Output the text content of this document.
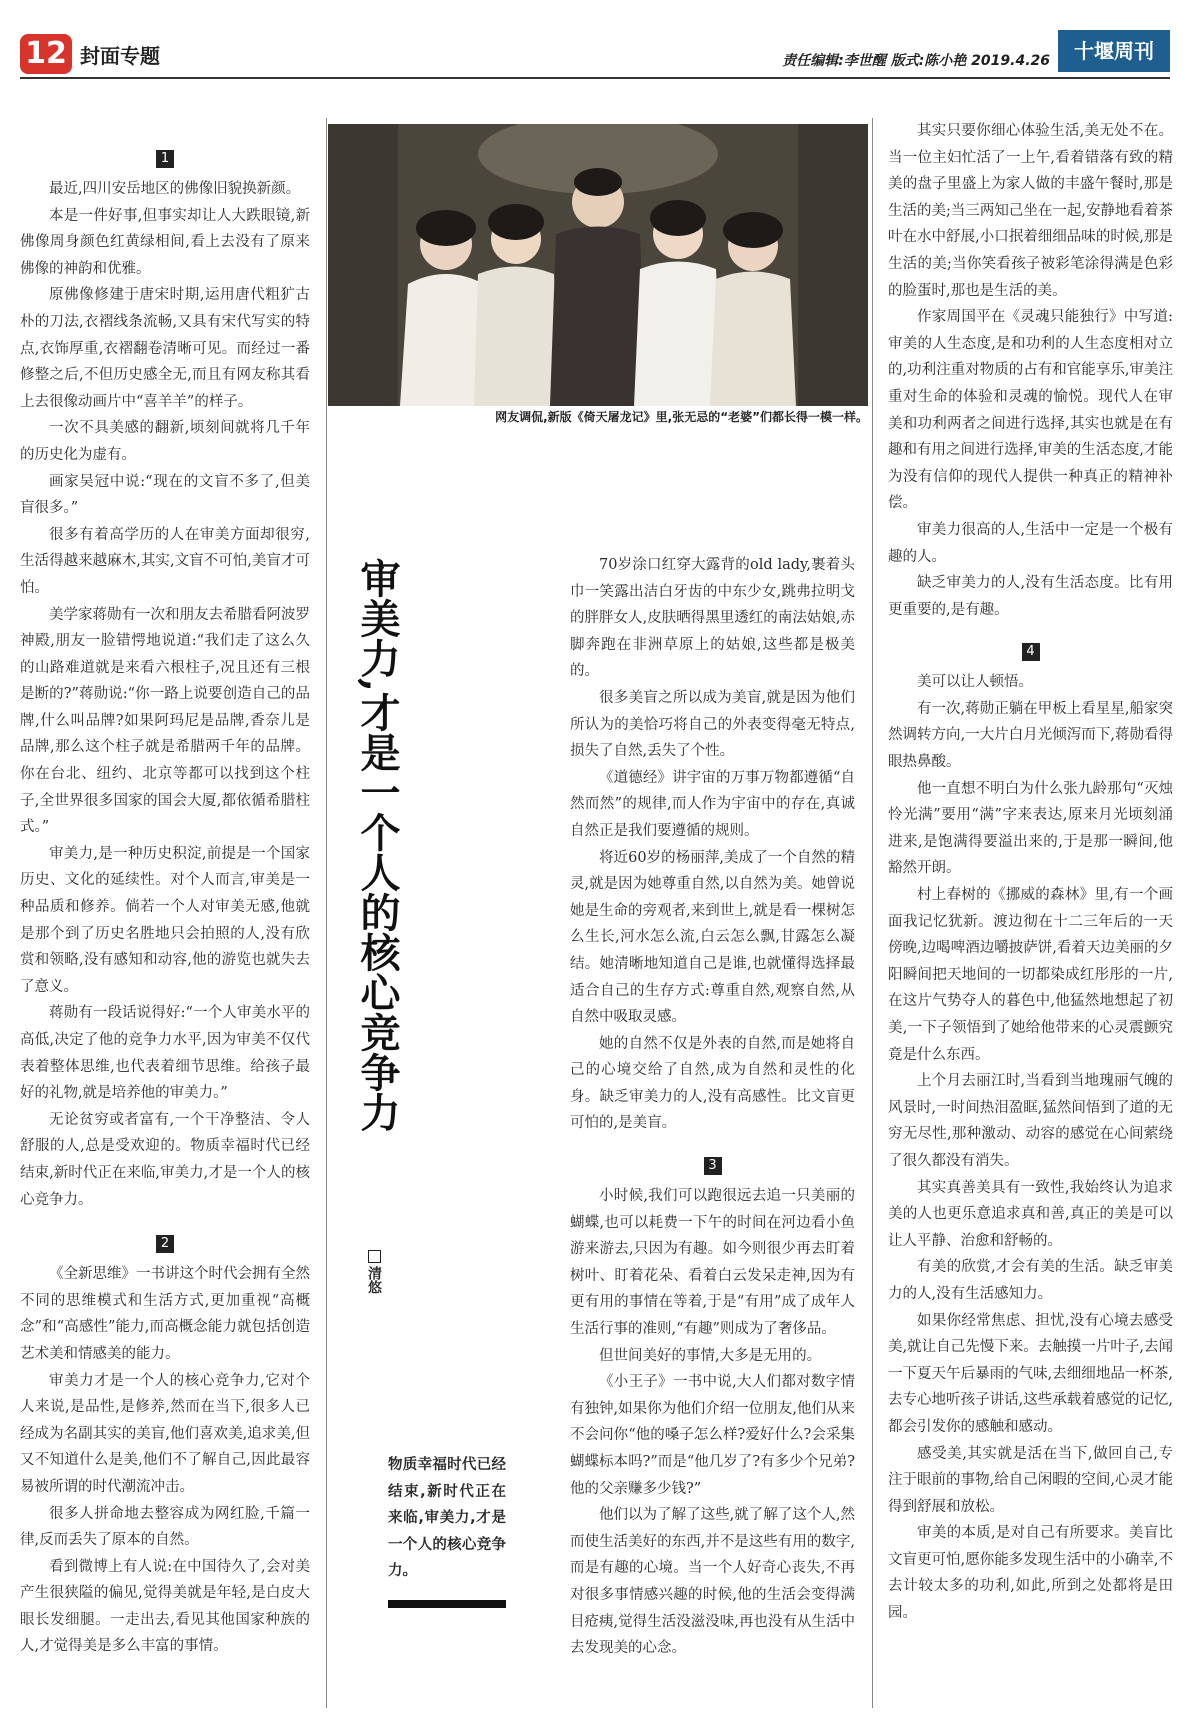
12 封面专题	责任编辑:李世醒 版式:陈小艳 2019.4.26	十堰周刊
1

最近,四川安岳地区的佛像旧貌换新颜。

本是一件好事,但事实却让人大跌眼镜,新佛像周身颜色红黄绿相间,看上去没有了原来佛像的神韵和优雅。

原佛像修建于唐宋时期,运用唐代粗犷古朴的刀法,衣褶线条流畅,又具有宋代写实的特点,衣饰厚重,衣褶翻卷清晰可见。而经过一番修整之后,不但历史感全无,而且有网友称其看上去很像动画片中“喜羊羊”的样子。

一次不具美感的翻新,顷刻间就将几千年的历史化为虚有。

画家吴冠中说:“现在的文盲不多了,但美盲很多。”

很多有着高学历的人在审美方面却很穷,生活得越来越麻木,其实,文盲不可怕,美盲才可怕。

美学家蒋勋有一次和朋友去希腊看阿波罗神殿,朋友一脸错愕地说道:“我们走了这么久的山路难道就是来看六根柱子,况且还有三根是断的?”蒋勋说:“你一路上说要创造自己的品牌,什么叫品牌?如果阿玛尼是品牌,香奈儿是品牌,那么这个柱子就是希腊两千年的品牌。你在台北、纽约、北京等都可以找到这个柱子,全世界很多国家的国会大厦,都依循希腊柱式。”

审美力,是一种历史积淀,前提是一个国家历史、文化的延续性。对个人而言,审美是一种品质和修养。倘若一个人对审美无感,他就是那个到了历史名胜地只会拍照的人,没有欣赏和领略,没有感知和动容,他的游览也就失去了意义。

蒋勋有一段话说得好:“一个人审美水平的高低,决定了他的竞争力水平,因为审美不仅代表着整体思维,也代表着细节思维。给孩子最好的礼物,就是培养他的审美力。”

无论贫穷或者富有,一个干净整洁、令人舒服的人,总是受欢迎的。物质幸福时代已经结束,新时代正在来临,审美力,才是一个人的核心竞争力。

2

《全新思维》一书讲这个时代会拥有全然不同的思维模式和生活方式,更加重视“高概念”和“高感性”能力,而高概念能力就包括创造艺术美和情感美的能力。

审美力才是一个人的核心竞争力,它对个人来说,是品性,是修养,然而在当下,很多人已经成为名副其实的美盲,他们喜欢美,追求美,但又不知道什么是美,他们不了解自己,因此最容易被所谓的时代潮流冲击。

很多人拼命地去整容成为网红脸,千篇一律,反而丢失了原本的自然。

看到微博上有人说:在中国待久了,会对美产生很狭隘的偏见,觉得美就是年轻,是白皮大眼长发细腿。一走出去,看见其他国家种族的人,才觉得美是多么丰富的事情。

网友调侃,新版《倚天屠龙记》里,张无忌的“老婆”们都长得一模一样。
审美力,才是一个人的核心竞争力
清悠
物质幸福时代已经结束,新时代正在来临,审美力,才是一个人的核心竞争力。

70岁涂口红穿大露背的old lady,裹着头巾一笑露出洁白牙齿的中东少女,跳弗拉明戈的胖胖女人,皮肤晒得黑里透红的南法姑娘,赤脚奔跑在非洲草原上的姑娘,这些都是极美的。

很多美盲之所以成为美盲,就是因为他们所认为的美恰巧将自己的外表变得毫无特点,损失了自然,丢失了个性。

《道德经》讲宇宙的万事万物都遵循“自然而然”的规律,而人作为宇宙中的存在,真诚自然正是我们要遵循的规则。

将近60岁的杨丽萍,美成了一个自然的精灵,就是因为她尊重自然,以自然为美。她曾说她是生命的旁观者,来到世上,就是看一棵树怎么生长,河水怎么流,白云怎么飘,甘露怎么凝结。她清晰地知道自己是谁,也就懂得选择最适合自己的生存方式:尊重自然,观察自然,从自然中吸取灵感。

她的自然不仅是外表的自然,而是她将自己的心境交给了自然,成为自然和灵性的化身。缺乏审美力的人,没有高感性。比文盲更可怕的,是美盲。

3

小时候,我们可以跑很远去追一只美丽的蝴蝶,也可以耗费一下午的时间在河边看小鱼游来游去,只因为有趣。如今则很少再去盯着树叶、盯着花朵、看着白云发呆走神,因为有更有用的事情在等着,于是“有用”成了成年人生活行事的准则,“有趣”则成为了奢侈品。

但世间美好的事情,大多是无用的。

《小王子》一书中说,大人们都对数字情有独钟,如果你为他们介绍一位朋友,他们从来不会问你“他的嗓子怎么样?爱好什么?会采集蝴蝶标本吗?”而是“他几岁了?有多少个兄弟?他的父亲赚多少钱?”

他们以为了解了这些,就了解了这个人,然而使生活美好的东西,并不是这些有用的数字,而是有趣的心境。当一个人好奇心丧失,不再对很多事情感兴趣的时候,他的生活会变得满目疮痍,觉得生活没滋没味,再也没有从生活中去发现美的心念。

其实只要你细心体验生活,美无处不在。当一位主妇忙活了一上午,看着错落有致的精美的盘子里盛上为家人做的丰盛午餐时,那是生活的美;当三两知己坐在一起,安静地看着茶叶在水中舒展,小口抿着细细品味的时候,那是生活的美;当你笑看孩子被彩笔涂得满是色彩的脸蛋时,那也是生活的美。

作家周国平在《灵魂只能独行》中写道:审美的人生态度,是和功利的人生态度相对立的,功利注重对物质的占有和官能享乐,审美注重对生命的体验和灵魂的愉悦。现代人在审美和功利两者之间进行选择,其实也就是在有趣和有用之间进行选择,审美的生活态度,才能为没有信仰的现代人提供一种真正的精神补偿。

审美力很高的人,生活中一定是一个极有趣的人。

缺乏审美力的人,没有生活态度。比有用更重要的,是有趣。

4

美可以让人顿悟。

有一次,蒋勋正躺在甲板上看星星,船家突然调转方向,一大片白月光倾泻而下,蒋勋看得眼热鼻酸。

他一直想不明白为什么张九龄那句“灭烛怜光满”要用“满”字来表达,原来月光顷刻涌进来,是饱满得要溢出来的,于是那一瞬间,他豁然开朗。

村上春树的《挪威的森林》里,有一个画面我记忆犹新。渡边彻在十二三年后的一天傍晚,边喝啤酒边嚼披萨饼,看着天边美丽的夕阳瞬间把天地间的一切都染成红彤彤的一片,在这片气势夺人的暮色中,他猛然地想起了初美,一下子领悟到了她给他带来的心灵震颤究竟是什么东西。

上个月去丽江时,当看到当地瑰丽气魄的风景时,一时间热泪盈眶,猛然间悟到了道的无穷无尽性,那种激动、动容的感觉在心间萦绕了很久都没有消失。

其实真善美具有一致性,我始终认为追求美的人也更乐意追求真和善,真正的美是可以让人平静、治愈和舒畅的。

有美的欣赏,才会有美的生活。缺乏审美力的人,没有生活感知力。

如果你经常焦虑、担忧,没有心境去感受美,就让自己先慢下来。去触摸一片叶子,去闻一下夏天午后暴雨的气味,去细细地品一杯茶,去专心地听孩子讲话,这些承载着感觉的记忆,都会引发你的感触和感动。

感受美,其实就是活在当下,做回自己,专注于眼前的事物,给自己闲暇的空间,心灵才能得到舒展和放松。

审美的本质,是对自己有所要求。美盲比文盲更可怕,愿你能多发现生活中的小确幸,不去计较太多的功利,如此,所到之处都将是田园。
